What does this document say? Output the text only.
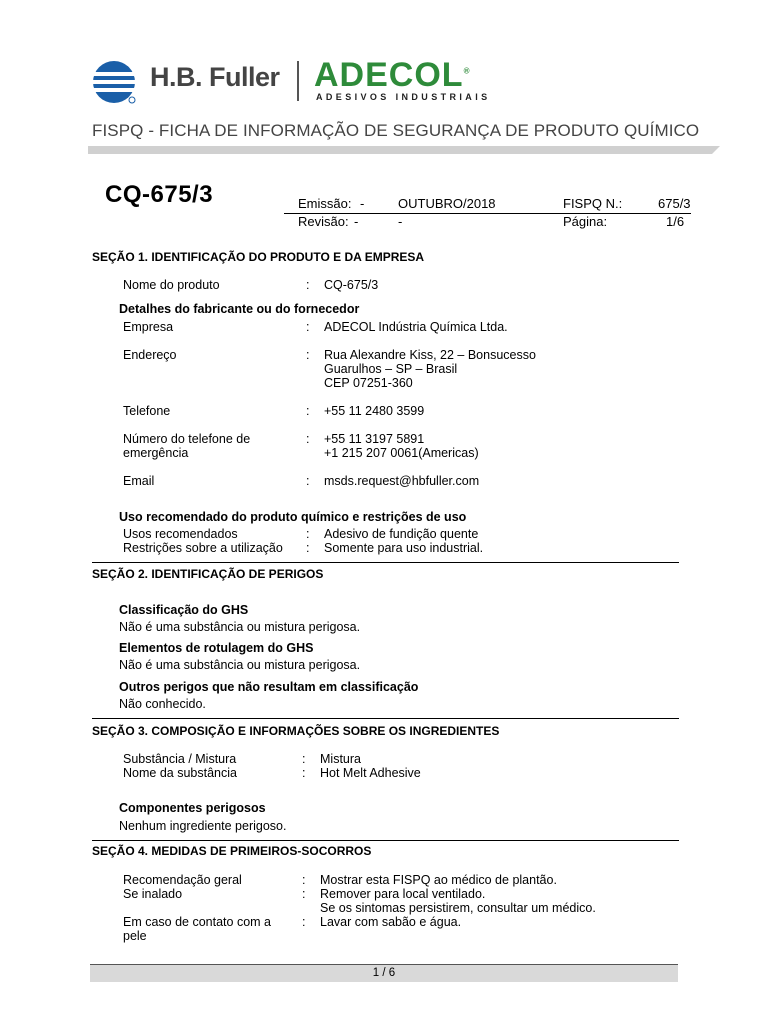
H.B. Fuller ADECOL®
ADESIVOS INDUSTRIAIS
FISPQ - FICHA DE INFORMAÇÃO DE SEGURANÇA DE PRODUTO QUÍMICO
CQ-675/3	Emissão: -	OUTUBRO/2018	FISPQ N.:	675/3
Revisão: -	-	Página:	1/6
SEÇÃO 1. IDENTIFICAÇÃO DO PRODUTO E DA EMPRESA
Nome do produto	: CQ-675/3
Detalhes do fabricante ou do fornecedor
Empresa	: ADECOL Indústria Química Ltda.
Endereço	: Rua Alexandre Kiss, 22 – Bonsucesso
Guarulhos – SP – Brasil
CEP 07251-360
Telefone	: +55 11 2480 3599
Número do telefone de
emergência
: +55 11 3197 5891
+1 215 207 0061(Americas)
Email	: msds.request@hbfuller.com
Uso recomendado do produto químico e restrições de uso
Usos recomendados	: Adesivo de fundição quente
Restrições sobre a utilização : Somente para uso industrial.
SEÇÃO 2. IDENTIFICAÇÃO DE PERIGOS
Classificação do GHS
Não é uma substância ou mistura perigosa.
Elementos de rotulagem do GHS
Não é uma substância ou mistura perigosa.
Outros perigos que não resultam em classificação
Não conhecido.
SEÇÃO 3. COMPOSIÇÃO E INFORMAÇÕES SOBRE OS INGREDIENTES
Substância / Mistura	: Mistura
Nome da substância	: Hot Melt Adhesive
Componentes perigosos
Nenhum ingrediente perigoso.
SEÇÃO 4. MEDIDAS DE PRIMEIROS-SOCORROS
Recomendação geral	: Mostrar esta FISPQ ao médico de plantão.
Se inalado	: Remover para local ventilado.
Se os sintomas persistirem, consultar um médico.
Em caso de contato com a
pele
: Lavar com sabão e água.
1 / 6
